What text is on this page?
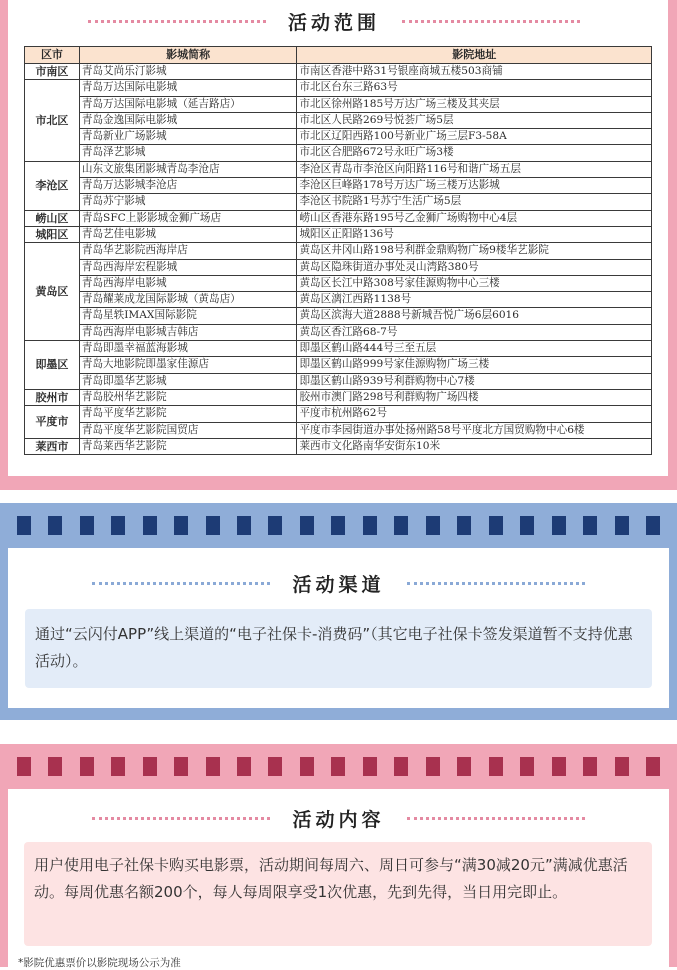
活动范围
区市	影城简称	影院地址
市南区	青岛艾尚乐汀影城	市南区香港中路31号银座商城五楼503商铺
市北区	青岛万达国际电影城	市北区台东三路63号
	青岛万达国际电影城（延吉路店）	市北区徐州路185号万达广场三楼及其夹层
	青岛金逸国际电影城	市北区人民路269号悦荟广场5层
	青岛新业广场影城	市北区辽阳西路100号新业广场三层F3-58A
	青岛泽艺影城	市北区合肥路672号永旺广场3楼
李沧区	山东文旅集团影城青岛李沧店	李沧区青岛市李沧区向阳路116号和谐广场五层
	青岛万达影城李沧店	李沧区巨峰路178号万达广场三楼万达影城
	青岛苏宁影城	李沧区书院路1号苏宁生活广场5层
崂山区	青岛SFC上影影城金狮广场店	崂山区香港东路195号乙金狮广场购物中心4层
城阳区	青岛艺佳电影城	城阳区正阳路136号
黄岛区	青岛华艺影院西海岸店	黄岛区井冈山路198号利群金鼎购物广场9楼华艺影院
	青岛西海岸宏程影城	黄岛区隐珠街道办事处灵山湾路380号
	青岛西海岸电影城	黄岛区长江中路308号家佳源购物中心三楼
	青岛耀莱成龙国际影城（黄岛店）	黄岛区漓江西路1138号
	青岛星轶IMAX国际影院	黄岛区滨海大道2888号新城吾悦广场6层6016
	青岛西海岸电影城吉韩店	黄岛区香江路68-7号
即墨区	青岛即墨幸福蓝海影城	即墨区鹤山路444号三至五层
	青岛大地影院即墨家佳源店	即墨区鹤山路999号家佳源购物广场三楼
	青岛即墨华艺影城	即墨区鹤山路939号利群购物中心7楼
胶州市	青岛胶州华艺影院	胶州市澳门路298号利群购物广场四楼
平度市	青岛平度华艺影院	平度市杭州路62号
	青岛平度华艺影院国贸店	平度市李园街道办事处扬州路58号平度北方国贸购物中心6楼
莱西市	青岛莱西华艺影院	莱西市文化路南华安街东10米
活动渠道
通过“云闪付APP”线上渠道的“电子社保卡-消费码”（其它电子社保卡签发渠道暂不支持优惠活动）。
活动内容
用户使用电子社保卡购买电影票，活动期间每周六、周日可参与“满30减20元”满减优惠活动。每周优惠名额200个，每人每周限享受1次优惠，先到先得，当日用完即止。
*影院优惠票价以影院现场公示为准
